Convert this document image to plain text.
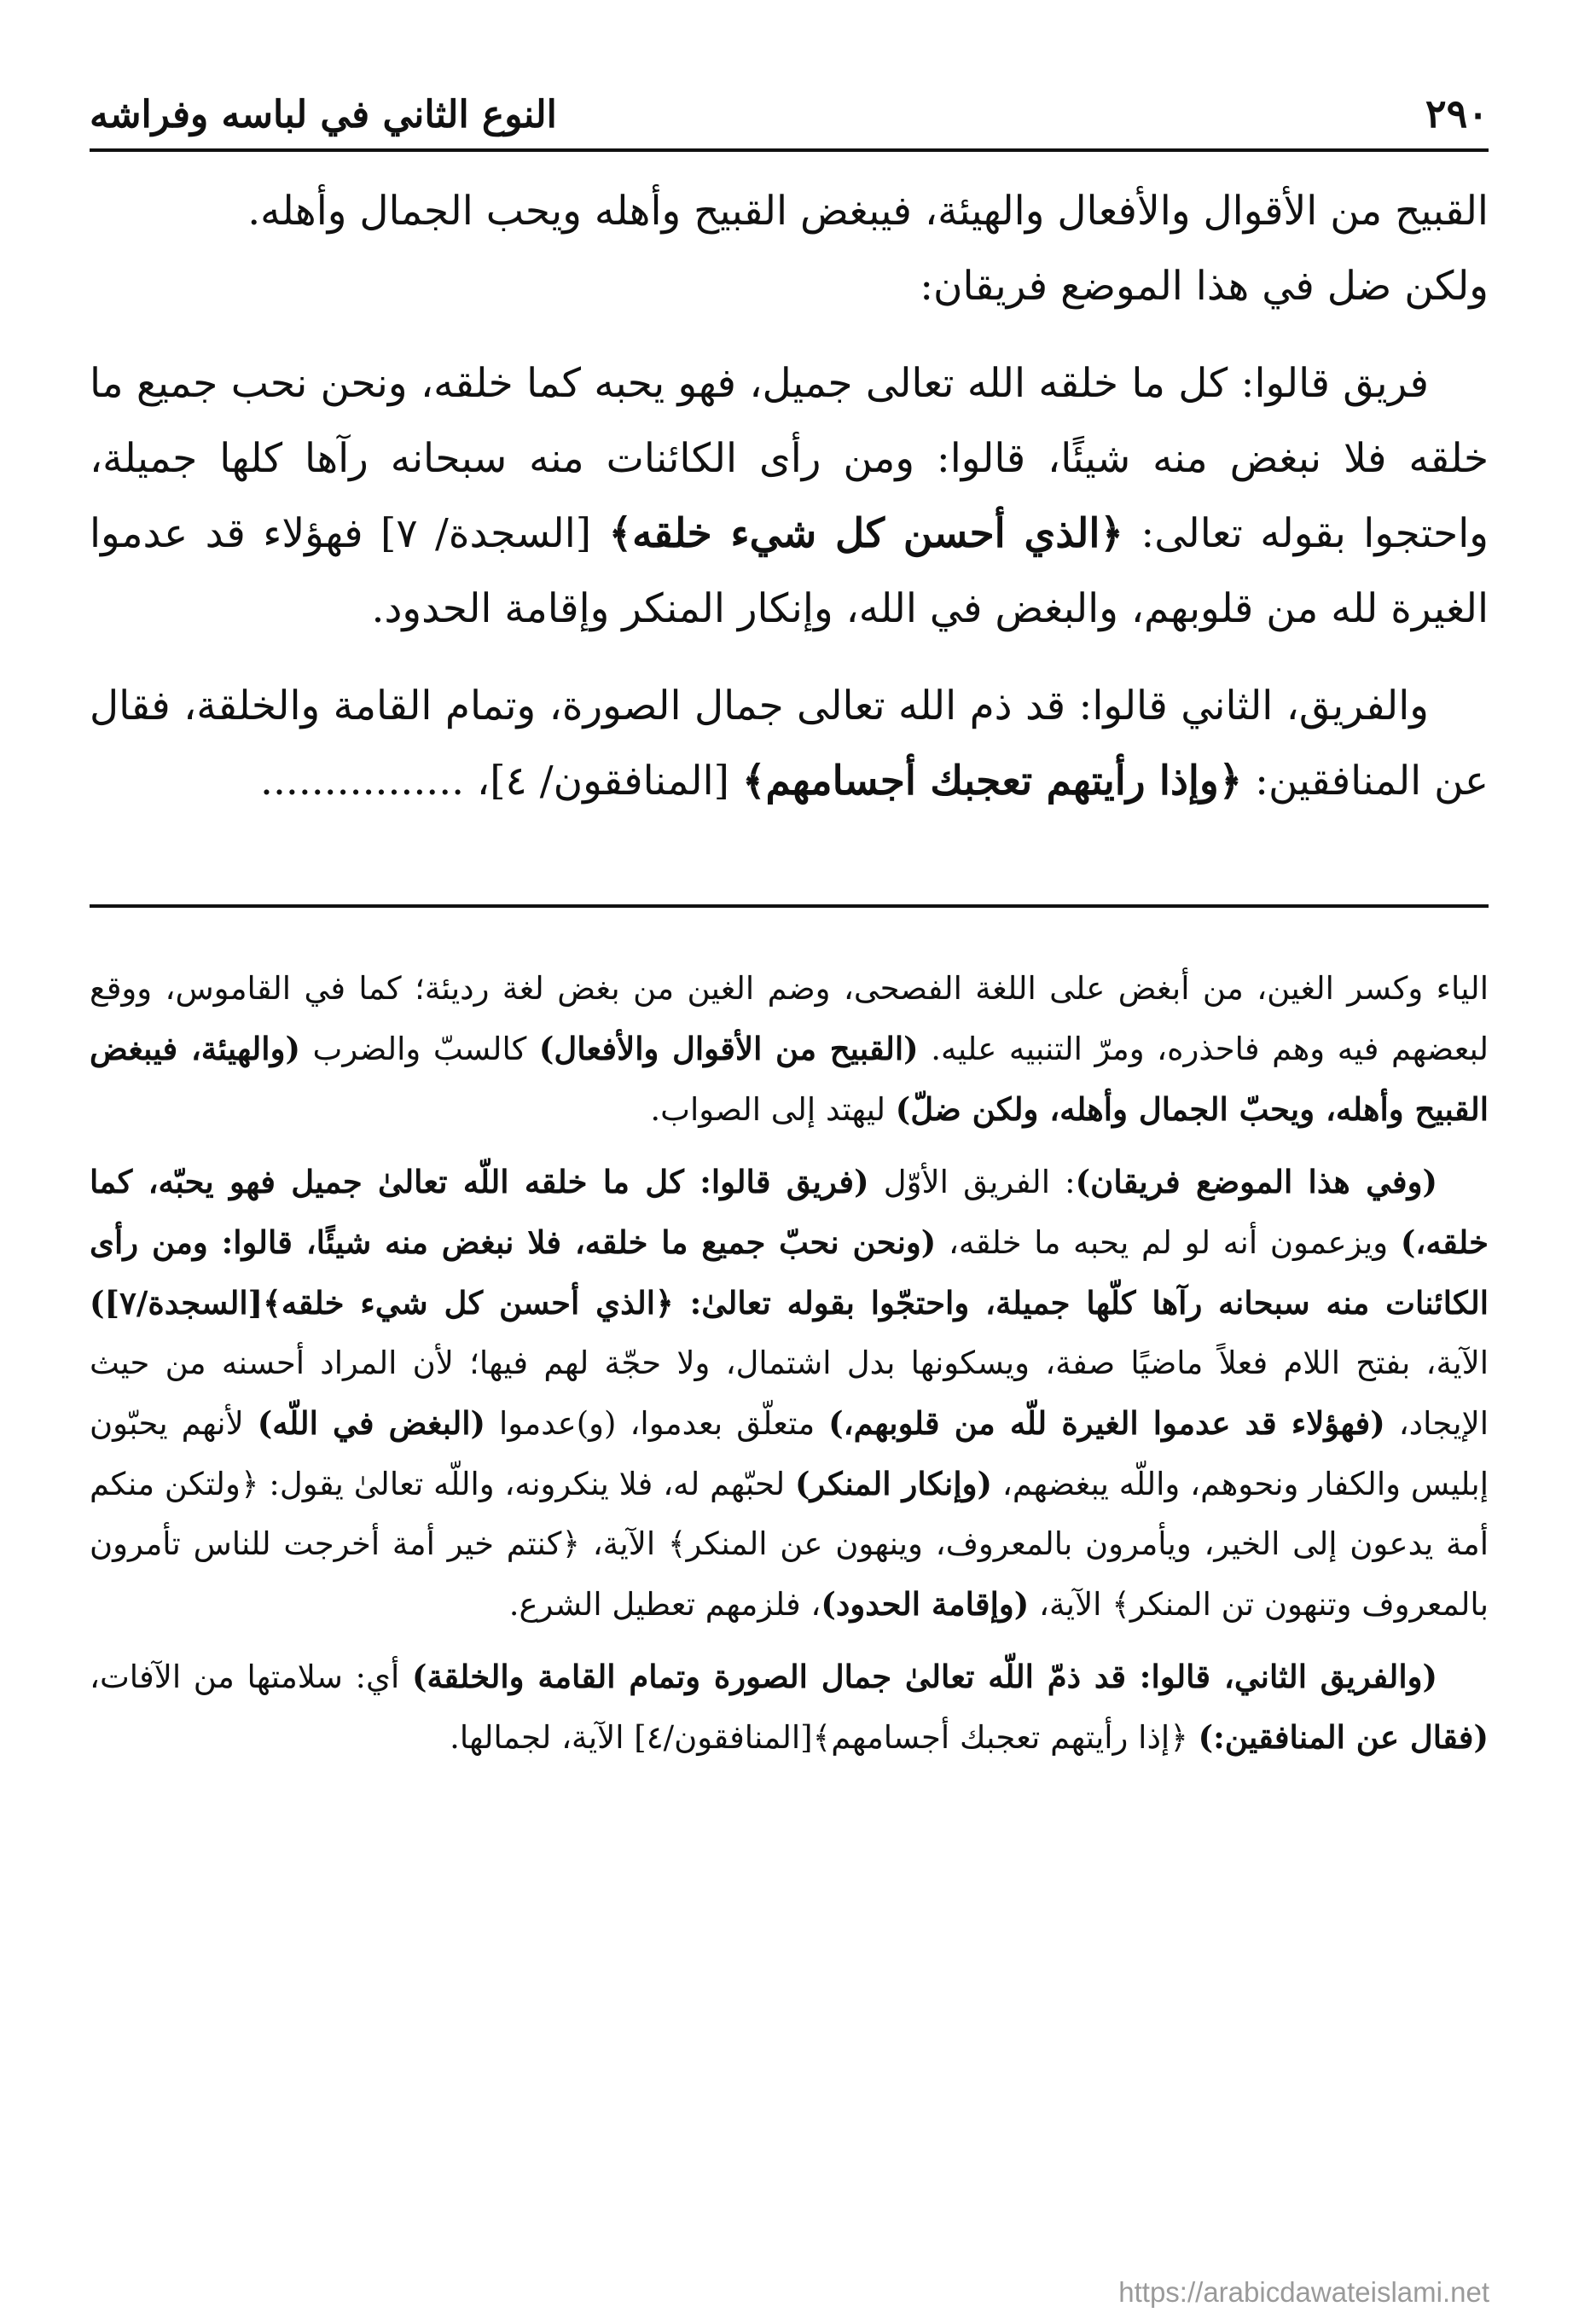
٢٩٠
النوع الثاني في لباسه وفراشه

القبيح من الأقوال والأفعال والهيئة، فيبغض القبيح وأهله ويحب الجمال وأهله.
ولكن ضل في هذا الموضع فريقان:

فريق قالوا: كل ما خلقه الله تعالى جميل، فهو يحبه كما خلقه، ونحن نحب جميع ما خلقه فلا نبغض منه شيئًا، قالوا: ومن رأى الكائنات منه سبحانه رآها كلها جميلة، واحتجوا بقوله تعالى: ﴿الذي أحسن كل شيء خلقه﴾ [السجدة/ ٧] فهؤلاء قد عدموا الغيرة لله من قلوبهم، والبغض في الله، وإنكار المنكر وإقامة الحدود.

والفريق، الثاني قالوا: قد ذم الله تعالى جمال الصورة، وتمام القامة والخلقة، فقال عن المنافقين: ﴿وإذا رأيتهم تعجبك أجسامهم﴾ [المنافقون/ ٤]، ................

الياء وكسر الغين، من أبغض على اللغة الفصحى، وضم الغين من بغض لغة رديئة؛ كما في القاموس، ووقع لبعضهم فيه وهم فاحذره، ومرّ التنبيه عليه. (القبيح من الأقوال والأفعال) كالسبّ والضرب (والهيئة، فيبغض القبيح وأهله، ويحبّ الجمال وأهله، ولكن ضلّ) ليهتد إلى الصواب.

(وفي هذا الموضع فريقان): الفريق الأوّل (فريق قالوا: كل ما خلقه اللّه تعالىٰ جميل فهو يحبّه، كما خلقه،) ويزعمون أنه لو لم يحبه ما خلقه، (ونحن نحبّ جميع ما خلقه، فلا نبغض منه شيئًا، قالوا: ومن رأى الكائنات منه سبحانه رآها كلّها جميلة، واحتجّوا بقوله تعالىٰ: ﴿الذي أحسن كل شيء خلقه﴾[السجدة/٧]) الآية، بفتح اللام فعلاً ماضيًا صفة، ويسكونها بدل اشتمال، ولا حجّة لهم فيها؛ لأن المراد أحسنه من حيث الإيجاد، (فهؤلاء قد عدموا الغيرة للّه من قلوبهم،) متعلّق بعدموا، (و)عدموا (البغض في اللّه) لأنهم يحبّون إبليس والكفار ونحوهم، واللّه يبغضهم، (وإنكار المنكر) لحبّهم له، فلا ينكرونه، واللّه تعالىٰ يقول: ﴿ولتكن منكم أمة يدعون إلى الخير، ويأمرون بالمعروف، وينهون عن المنكر﴾ الآية، ﴿كنتم خير أمة أخرجت للناس تأمرون بالمعروف وتنهون تن المنكر﴾ الآية، (وإقامة الحدود)، فلزمهم تعطيل الشرع.

(والفريق الثاني، قالوا: قد ذمّ اللّه تعالىٰ جمال الصورة وتمام القامة والخلقة) أي: سلامتها من الآفات، (فقال عن المنافقين:) ﴿إذا رأيتهم تعجبك أجسامهم﴾[المنافقون/٤] الآية، لجمالها.

https://arabicdawateislami.net
